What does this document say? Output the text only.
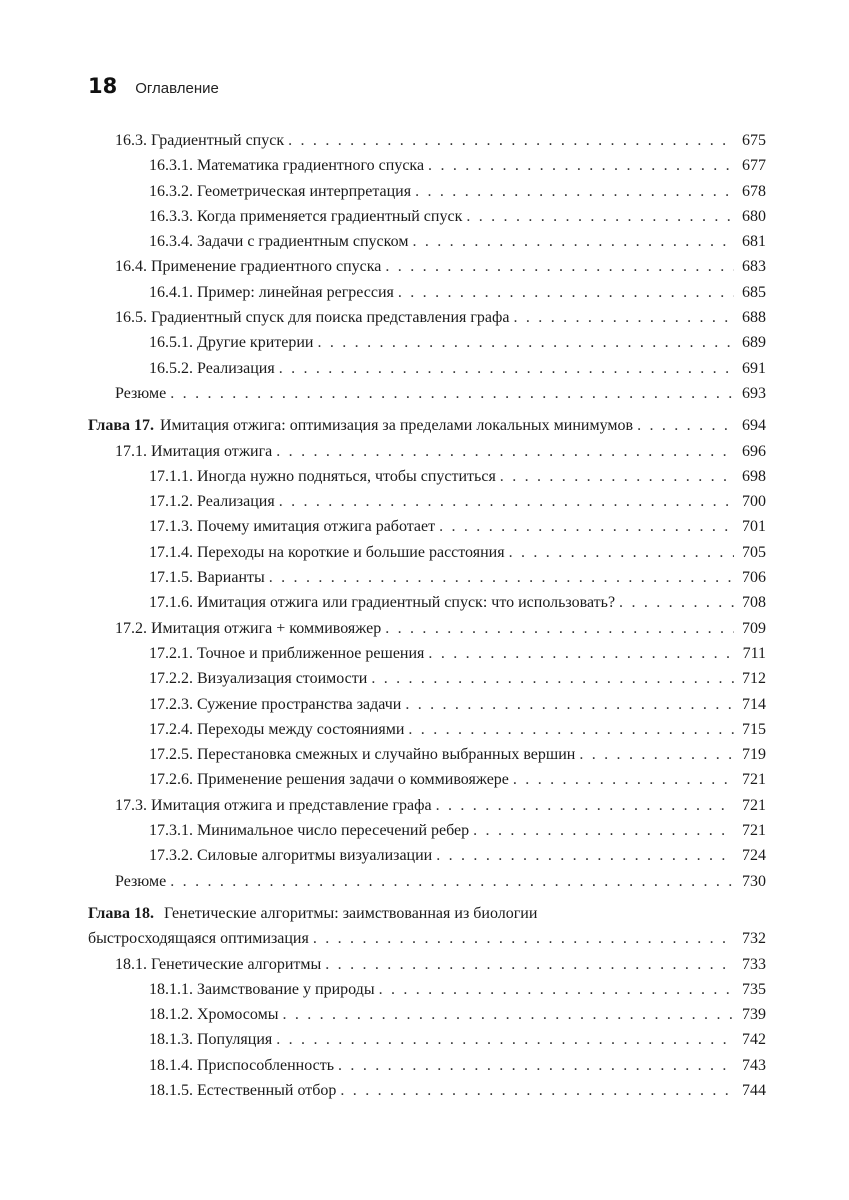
18 Оглавление
16.3. Градиентный спуск . . .	675
16.3.1. Математика градиентного спуска . . .	677
16.3.2. Геометрическая интерпретация . . .	678
16.3.3. Когда применяется градиентный спуск . . .	680
16.3.4. Задачи с градиентным спуском . . .	681
16.4. Применение градиентного спуска . . .	683
16.4.1. Пример: линейная регрессия . . .	685
16.5. Градиентный спуск для поиска представления графа . . .	688
16.5.1. Другие критерии . . .	689
16.5.2. Реализация . . .	691
Резюме . . .	693
Глава 17. Имитация отжига: оптимизация за пределами локальных минимумов . . .	694
17.1. Имитация отжига . . .	696
17.1.1. Иногда нужно подняться, чтобы спуститься . . .	698
17.1.2. Реализация . . .	700
17.1.3. Почему имитация отжига работает . . .	701
17.1.4. Переходы на короткие и большие расстояния . . .	705
17.1.5. Варианты . . .	706
17.1.6. Имитация отжига или градиентный спуск: что использовать? . . .	708
17.2. Имитация отжига + коммивояжер . . .	709
17.2.1. Точное и приближенное решения . . .	711
17.2.2. Визуализация стоимости . . .	712
17.2.3. Сужение пространства задачи . . .	714
17.2.4. Переходы между состояниями . . .	715
17.2.5. Перестановка смежных и случайно выбранных вершин . . .	719
17.2.6. Применение решения задачи о коммивояжере . . .	721
17.3. Имитация отжига и представление графа . . .	721
17.3.1. Минимальное число пересечений ребер . . .	721
17.3.2. Силовые алгоритмы визуализации . . .	724
Резюме . . .	730
Глава 18. Генетические алгоритмы: заимствованная из биологии
быстросходящаяся оптимизация . . .	732
18.1. Генетические алгоритмы . . .	733
18.1.1. Заимствование у природы . . .	735
18.1.2. Хромосомы . . .	739
18.1.3. Популяция . . .	742
18.1.4. Приспособленность . . .	743
18.1.5. Естественный отбор . . .	744
